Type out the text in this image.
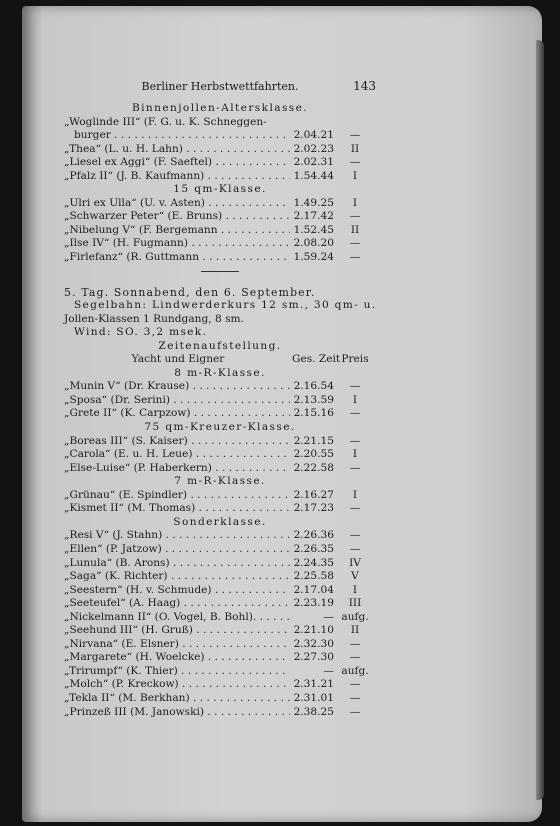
Berliner Herbstwettfahrten.	143
Binnenjollen-Altersklasse.
„Woglinde III“ (F. G. u. K. Schneggen-
burger . . .	2.04.21	—
„Thea“ (L. u. H. Lahn) . . .	2.02.23	II
„Liesel ex Aggi“ (F. Saeftel) . . .	2.02.31	—
„Pfalz II“ (J. B. Kaufmann) . . .	1.54.44	I
15 qm-Klasse.
„Ulri ex Ulla“ (U. v. Asten) . . .	1.49.25	I
„Schwarzer Peter“ (E. Bruns) . . .	2.17.42	—
„Nibelung V“ (F. Bergemann . . .	1.52.45	II
„Ilse IV“ (H. Fugmann) . . .	2.08.20	—
„Firlefanz“ (R. Guttmann . . .	1.59.24	—
5. Tag. Sonnabend, den 6. September.
Segelbahn: Lindwerderkurs 12 sm., 30 qm- u.
Jollen-Klassen 1 Rundgang, 8 sm.
Wind: SO. 3,2 msek.
Zeitenaufstellung.
Yacht und Eigner	Ges. Zeit Preis
8 m-R-Klasse.
„Munin V“ (Dr. Krause) . . .	2.16.54	—
„Sposa“ (Dr. Serini) . . .	2.13.59	I
„Grete II“ (K. Carpzow) . . .	2.15.16	—
75 qm-Kreuzer-Klasse.
„Boreas III“ (S. Kaiser) . . .	2.21.15	—
„Carola“ (E. u. H. Leue) . . .	2.20.55	I
„Else-Luise“ (P. Haberkern) . . .	2.22.58	—
7 m-R-Klasse.
„Grünau“ (E. Spindler) . . .	2.16.27	I
„Kismet II“ (M. Thomas) . . .	2.17.23	—
Sonderklasse.
„Resi V“ (J. Stahn) . . .	2.26.36	—
„Ellen“ (P. Jatzow) . . .	2.26.35	—
„Lunula“ (B. Arons) . . .	2.24.35	IV
„Saga“ (K. Richter) . . .	2.25.58	V
„Seestern“ (H. v. Schmude) . . .	2.17.04	I
„Seeteufel“ (A. Haag) . . .	2.23.19	III
„Nickelmann II“ (O. Vogel, B. Bohl). . . .	— aufg.
„Seehund III“ (H. Gruß) . . .	2.21.10	II
„Nirvana“ (E. Elsner) . . .	2.32.30	—
„Margarete“ (H. Woelcke) . . .	2.27.30	—
„Trirumpf“ (K. Thier) . . .	— aufg.
„Molch“ (P. Kreckow) . . .	2.31.21	—
„Tekla II“ (M. Berkhan) . . .	2.31.01	—
„Prinzeß III (M. Janowski) . . .	2.38.25	—
